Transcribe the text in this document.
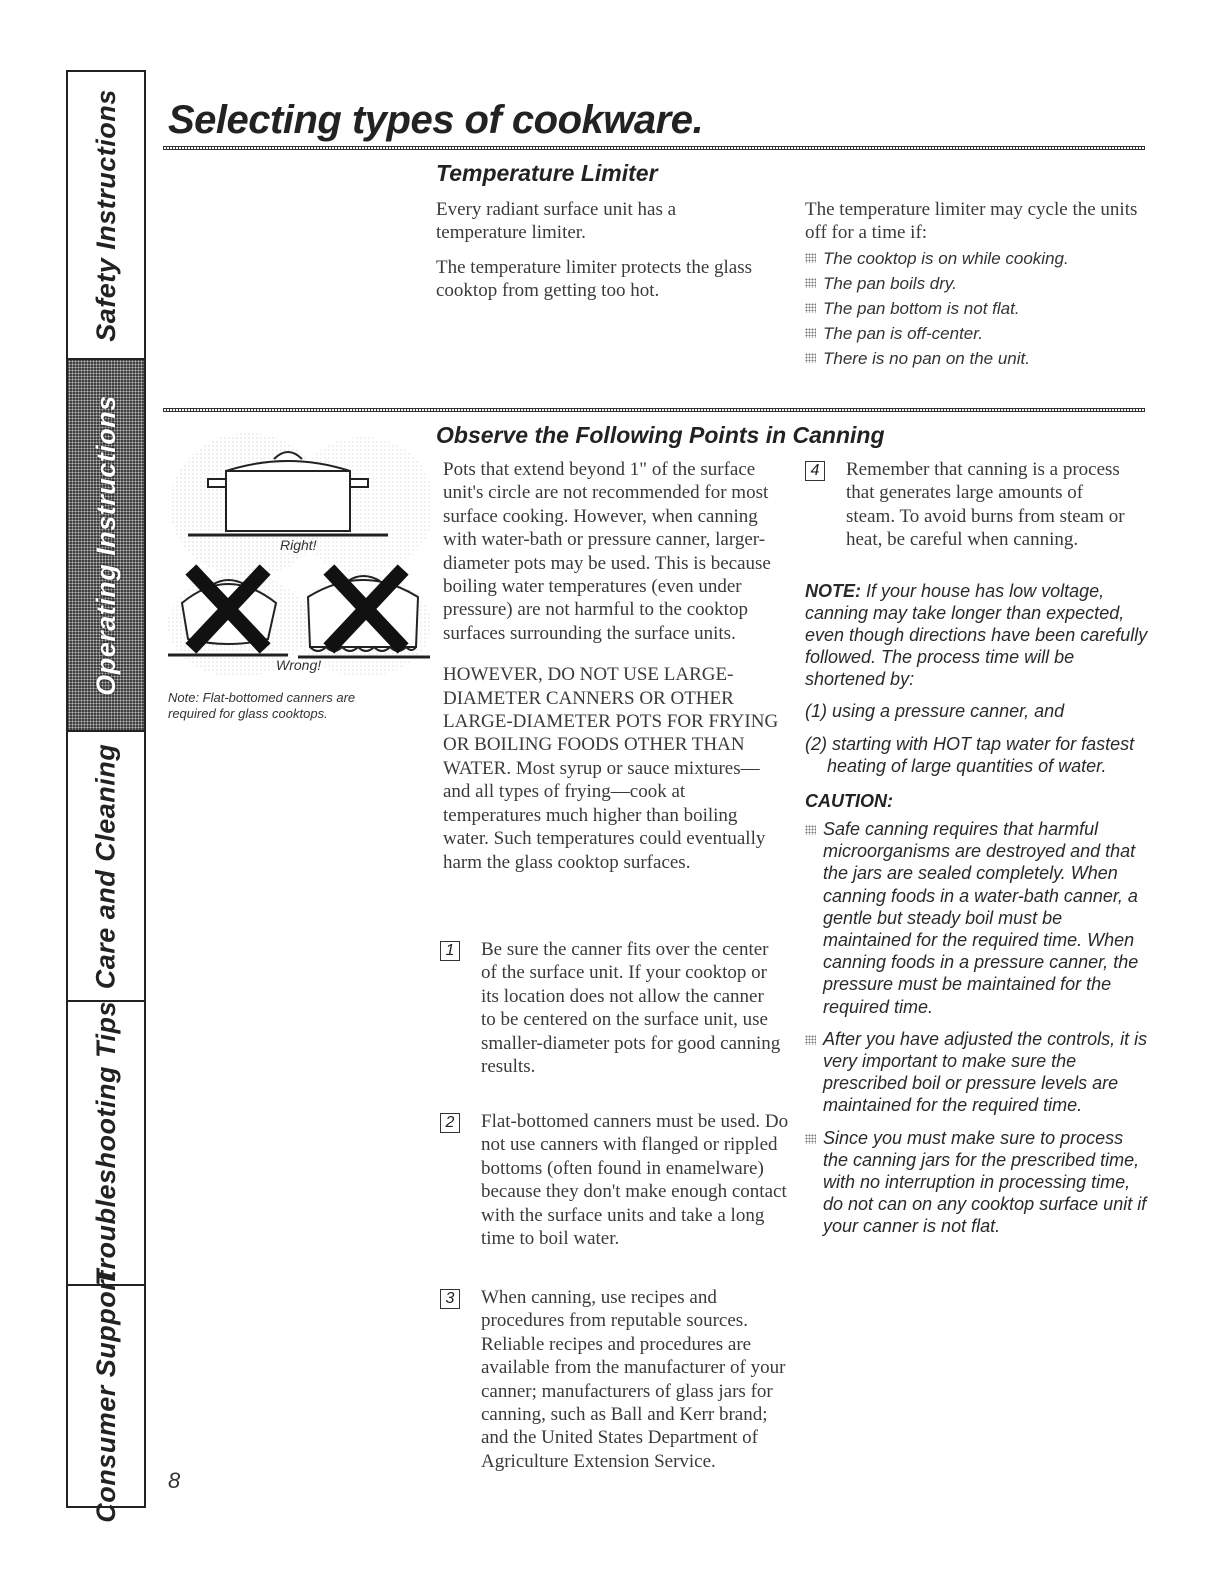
Safety Instructions
Operating Instructions
Care and Cleaning
Troubleshooting Tips
Consumer Support
Selecting types of cookware.
Temperature Limiter

Every radiant surface unit has a temperature limiter.

The temperature limiter protects the glass cooktop from getting too hot.

The temperature limiter may cycle the units off for a time if:
The cooktop is on while cooking.
The pan boils dry.
The pan bottom is not flat.
The pan is off-center.
There is no pan on the unit.
Right!
Wrong!
Note: Flat-bottomed canners are required for glass cooktops.
Observe the Following Points in Canning

Pots that extend beyond 1" of the surface unit's circle are not recommended for most surface cooking. However, when canning with water-bath or pressure canner, larger-diameter pots may be used. This is because boiling water temperatures (even under pressure) are not harmful to the cooktop surfaces surrounding the surface units.

HOWEVER, DO NOT USE LARGE-DIAMETER CANNERS OR OTHER LARGE-DIAMETER POTS FOR FRYING OR BOILING FOODS OTHER THAN WATER. Most syrup or sauce mixtures—and all types of frying—cook at temperatures much higher than boiling water. Such temperatures could eventually harm the glass cooktop surfaces.

1 Be sure the canner fits over the center of the surface unit. If your cooktop or its location does not allow the canner to be centered on the surface unit, use smaller-diameter pots for good canning results.
2 Flat-bottomed canners must be used. Do not use canners with flanged or rippled bottoms (often found in enamelware) because they don't make enough contact with the surface units and take a long time to boil water.
3 When canning, use recipes and procedures from reputable sources. Reliable recipes and procedures are available from the manufacturer of your canner; manufacturers of glass jars for canning, such as Ball and Kerr brand; and the United States Department of Agriculture Extension Service.
4 Remember that canning is a process that generates large amounts of steam. To avoid burns from steam or heat, be careful when canning.
NOTE: If your house has low voltage, canning may take longer than expected, even though directions have been carefully followed. The process time will be shortened by:
(1) using a pressure canner, and
(2) starting with HOT tap water for fastest heating of large quantities of water.
CAUTION:
Safe canning requires that harmful microorganisms are destroyed and that the jars are sealed completely. When canning foods in a water-bath canner, a gentle but steady boil must be maintained for the required time. When canning foods in a pressure canner, the pressure must be maintained for the required time.
After you have adjusted the controls, it is very important to make sure the prescribed boil or pressure levels are maintained for the required time.
Since you must make sure to process the canning jars for the prescribed time, with no interruption in processing time, do not can on any cooktop surface unit if your canner is not flat.
8
